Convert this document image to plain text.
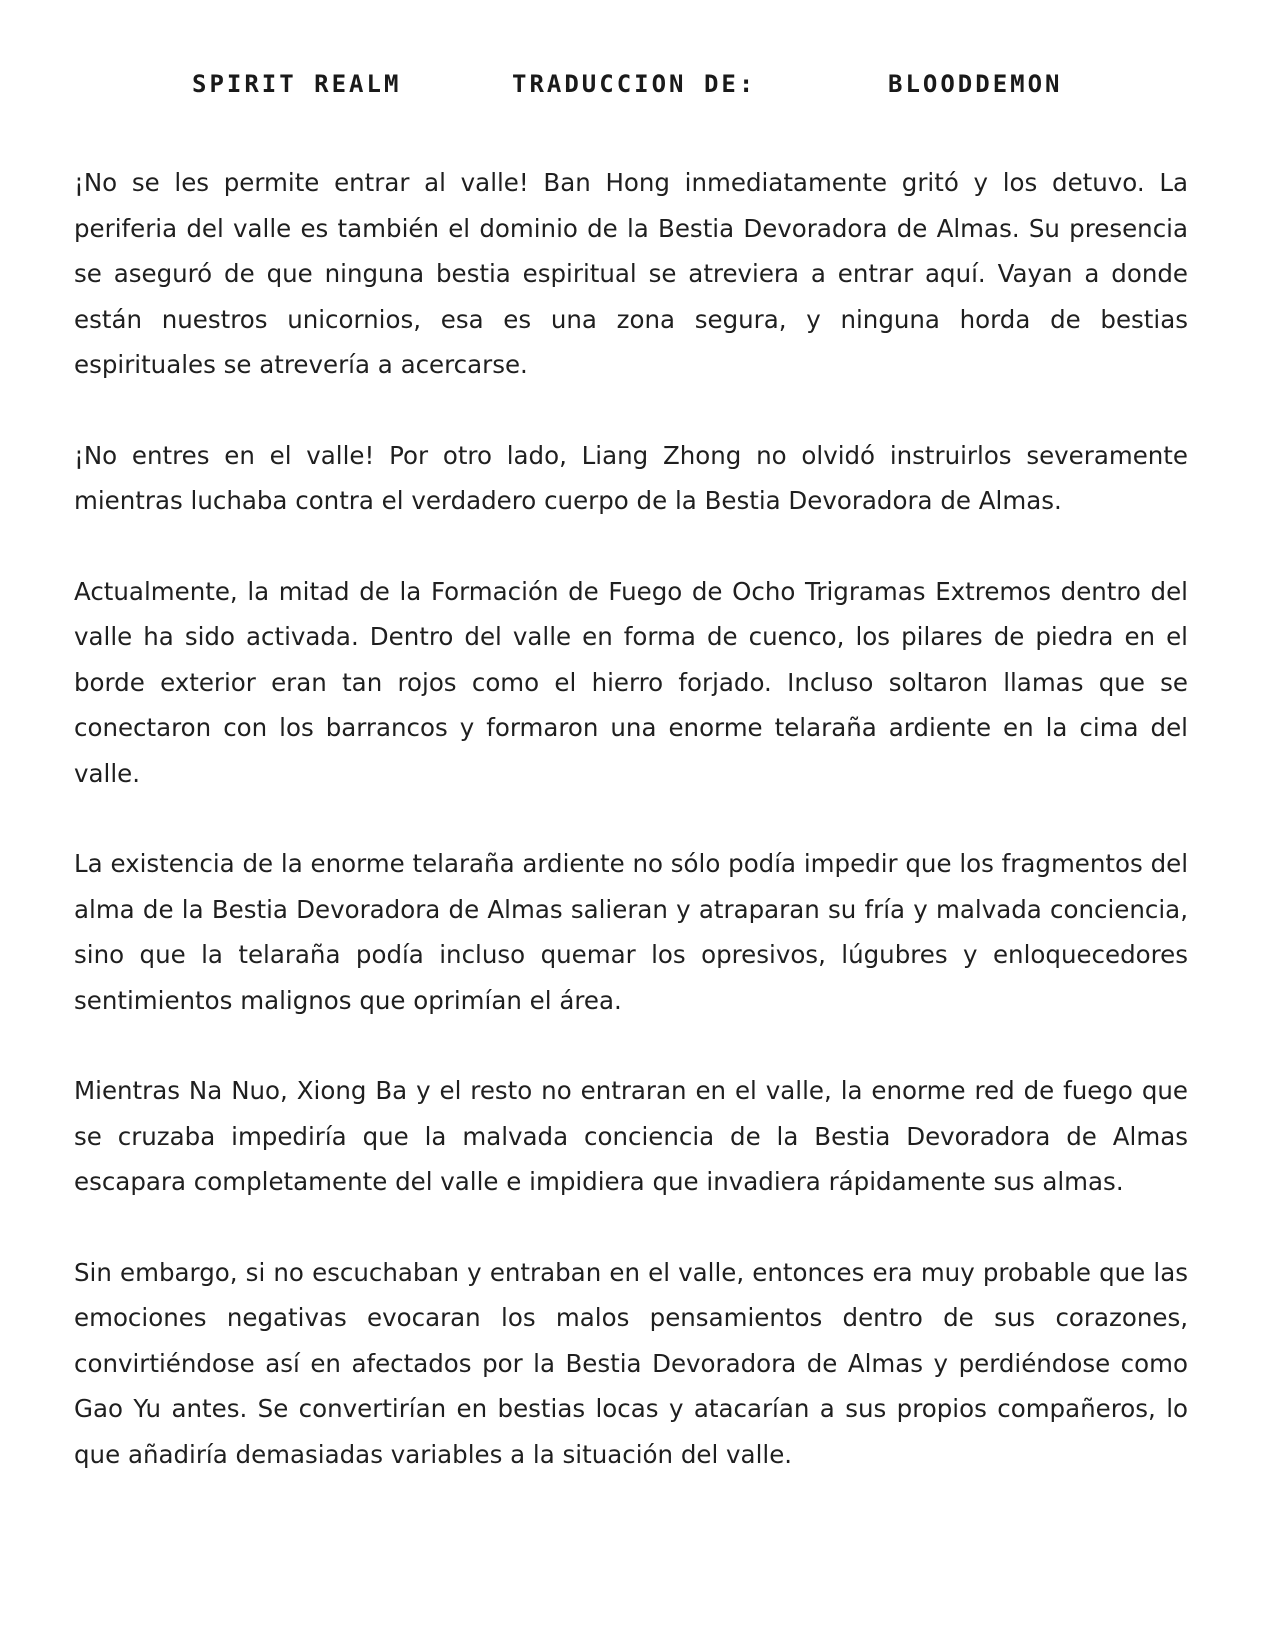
SPIRIT REALM	TRADUCCION DE:	BLOODDEMON

¡No se les permite entrar al valle! Ban Hong inmediatamente gritó y los detuvo. La periferia del valle es también el dominio de la Bestia Devoradora de Almas. Su presencia se aseguró de que ninguna bestia espiritual se atreviera a entrar aquí. Vayan a donde están nuestros unicornios, esa es una zona segura, y ninguna horda de bestias espirituales se atrevería a acercarse.

¡No entres en el valle! Por otro lado, Liang Zhong no olvidó instruirlos severamente mientras luchaba contra el verdadero cuerpo de la Bestia Devoradora de Almas.

Actualmente, la mitad de la Formación de Fuego de Ocho Trigramas Extremos dentro del valle ha sido activada. Dentro del valle en forma de cuenco, los pilares de piedra en el borde exterior eran tan rojos como el hierro forjado. Incluso soltaron llamas que se conectaron con los barrancos y formaron una enorme telaraña ardiente en la cima del valle.

La existencia de la enorme telaraña ardiente no sólo podía impedir que los fragmentos del alma de la Bestia Devoradora de Almas salieran y atraparan su fría y malvada conciencia, sino que la telaraña podía incluso quemar los opresivos, lúgubres y enloquecedores sentimientos malignos que oprimían el área.

Mientras Na Nuo, Xiong Ba y el resto no entraran en el valle, la enorme red de fuego que se cruzaba impediría que la malvada conciencia de la Bestia Devoradora de Almas escapara completamente del valle e impidiera que invadiera rápidamente sus almas.

Sin embargo, si no escuchaban y entraban en el valle, entonces era muy probable que las emociones negativas evocaran los malos pensamientos dentro de sus corazones, convirtiéndose así en afectados por la Bestia Devoradora de Almas y perdiéndose como Gao Yu antes. Se convertirían en bestias locas y atacarían a sus propios compañeros, lo que añadiría demasiadas variables a la situación del valle.
